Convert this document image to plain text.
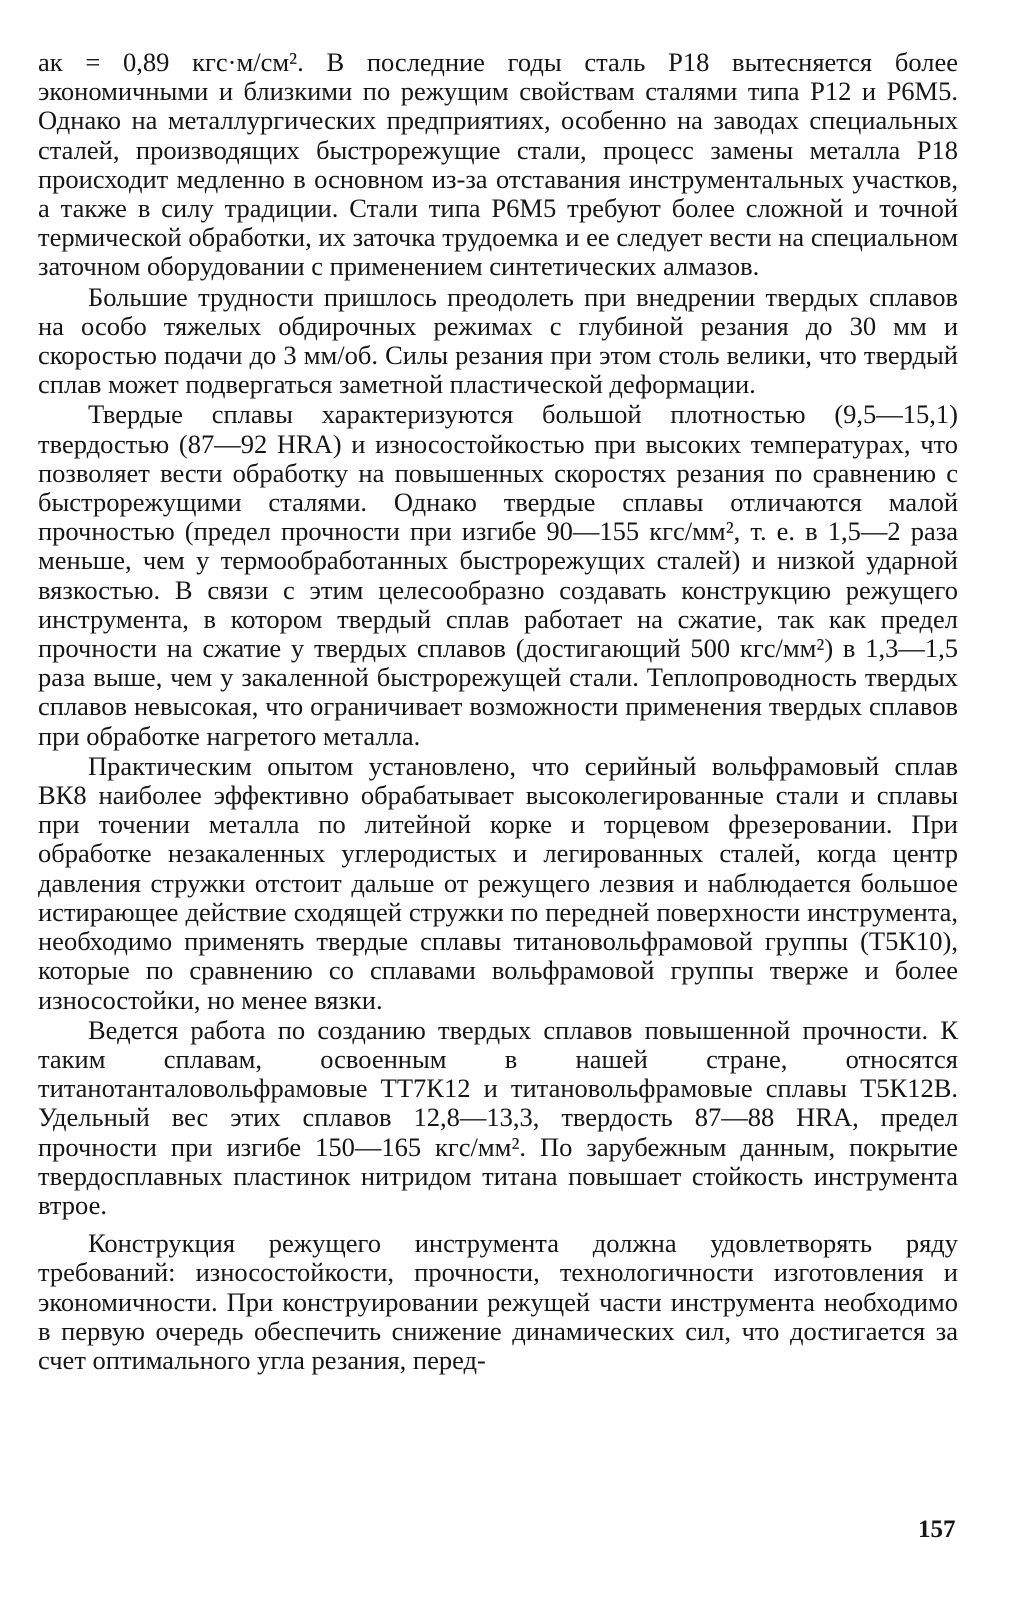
aк = 0,89 кгс·м/см². В последние годы сталь Р18 вытесняется более экономичными и близкими по режущим свойствам сталями типа Р12 и Р6М5. Однако на металлургических предприятиях, особенно на заводах специальных сталей, производящих быстрорежущие стали, процесс замены металла Р18 происходит медленно в основном из-за отставания инструментальных участков, а также в силу традиции. Стали типа Р6М5 требуют более сложной и точной термической обработки, их заточка трудоемка и ее следует вести на специальном заточном оборудовании с применением синтетических алмазов.

Большие трудности пришлось преодолеть при внедрении твердых сплавов на особо тяжелых обдирочных режимах с глубиной резания до 30 мм и скоростью подачи до 3 мм/об. Силы резания при этом столь велики, что твердый сплав может подвергаться заметной пластической деформации.

Твердые сплавы характеризуются большой плотностью (9,5—15,1) твердостью (87—92 HRA) и износостойкостью при высоких температурах, что позволяет вести обработку на повышенных скоростях резания по сравнению с быстрорежущими сталями. Однако твердые сплавы отличаются малой прочностью (предел прочности при изгибе 90—155 кгс/мм², т. е. в 1,5—2 раза меньше, чем у термообработанных быстрорежущих сталей) и низкой ударной вязкостью. В связи с этим целесообразно создавать конструкцию режущего инструмента, в котором твердый сплав работает на сжатие, так как предел прочности на сжатие у твердых сплавов (достигающий 500 кгс/мм²) в 1,3—1,5 раза выше, чем у закаленной быстрорежущей стали. Теплопроводность твердых сплавов невысокая, что ограничивает возможности применения твердых сплавов при обработке нагретого металла.

Практическим опытом установлено, что серийный вольфрамовый сплав ВК8 наиболее эффективно обрабатывает высоколегированные стали и сплавы при точении металла по литейной корке и торцевом фрезеровании. При обработке незакаленных углеродистых и легированных сталей, когда центр давления стружки отстоит дальше от режущего лезвия и наблюдается большое истирающее действие сходящей стружки по передней поверхности инструмента, необходимо применять твердые сплавы титановольфрамовой группы (Т5К10), которые по сравнению со сплавами вольфрамовой группы тверже и более износостойки, но менее вязки.

Ведется работа по созданию твердых сплавов повышенной прочности. К таким сплавам, освоенным в нашей стране, относятся титанотанталовольфрамовые ТТ7К12 и титановольфрамовые сплавы Т5К12В. Удельный вес этих сплавов 12,8—13,3, твердость 87—88 HRA, предел прочности при изгибе 150—165 кгс/мм². По зарубежным данным, покрытие твердосплавных пластинок нитридом титана повышает стойкость инструмента втрое.

Конструкция режущего инструмента должна удовлетворять ряду требований: износостойкости, прочности, технологичности изготовления и экономичности. При конструировании режущей части инструмента необходимо в первую очередь обеспечить снижение динамических сил, что достигается за счет оптимального угла резания, перед-

157
